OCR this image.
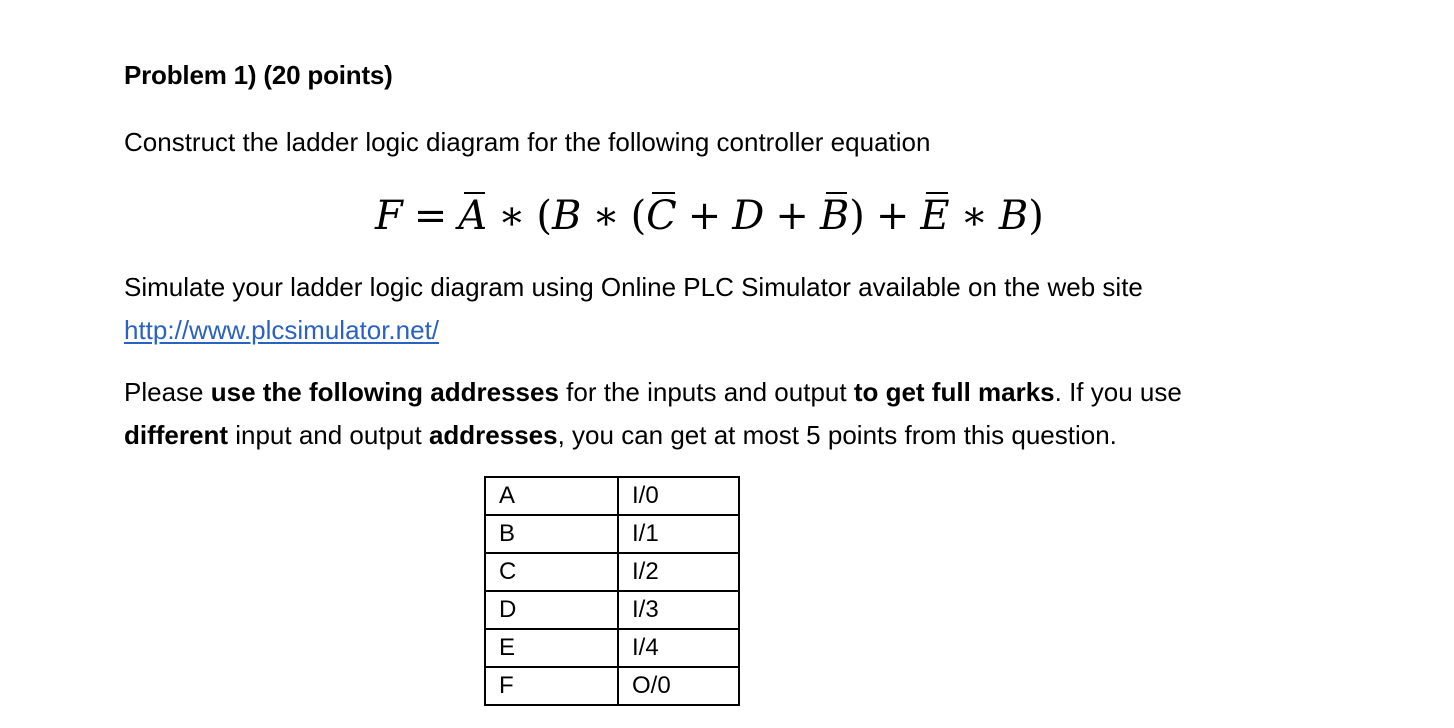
Problem 1) (20 points)
Construct the ladder logic diagram for the following controller equation
F = A ∗ (B ∗ (C + D + B) + E ∗ B)
Simulate your ladder logic diagram using Online PLC Simulator available on the web site
http://www.plcsimulator.net/
Please use the following addresses for the inputs and output to get full marks. If you use
different input and output addresses, you can get at most 5 points from this question.
A	I/0
B	I/1
C	I/2
D	I/3
E	I/4
F	O/0
